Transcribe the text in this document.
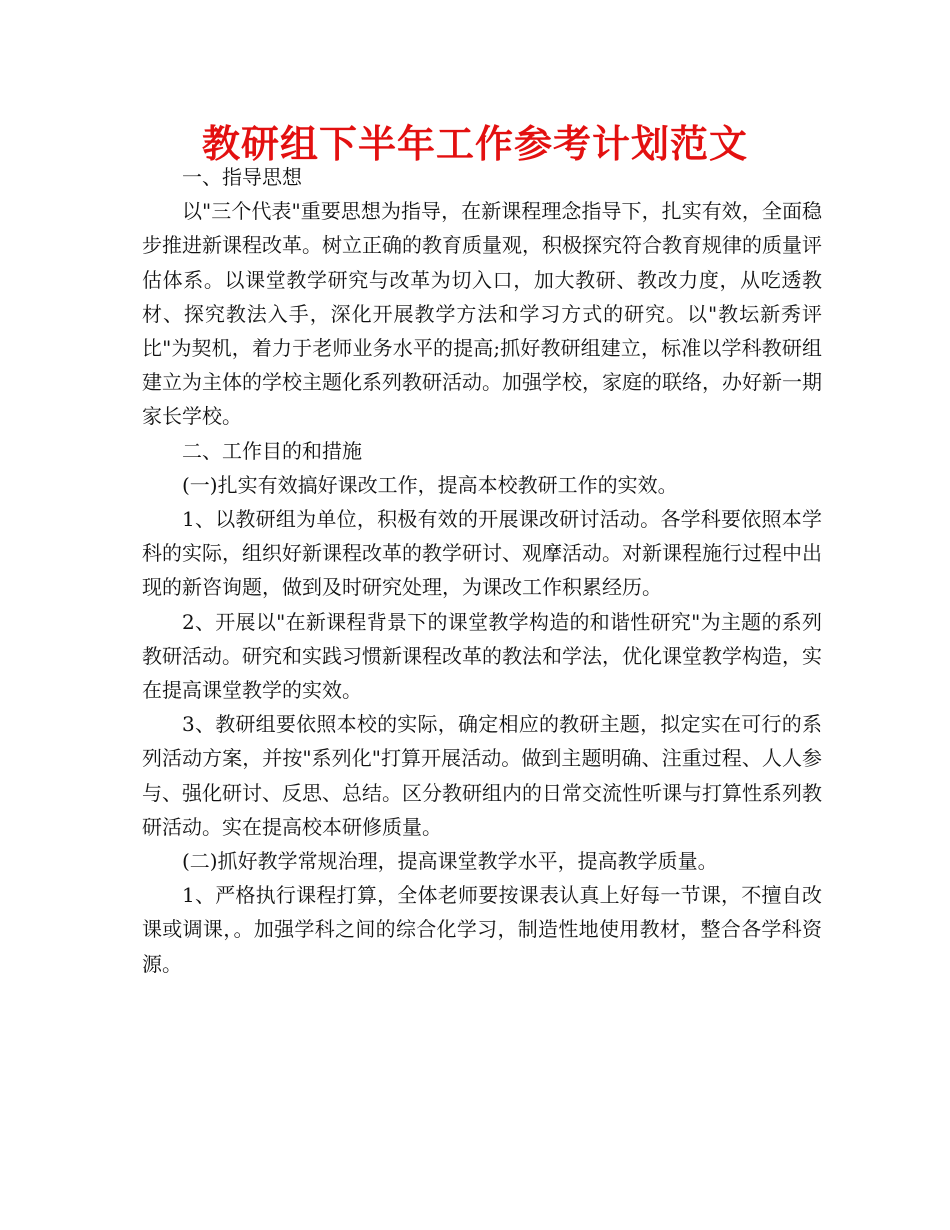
教研组下半年工作参考计划范文

一、指导思想

以"三个代表"重要思想为指导，在新课程理念指导下，扎实有效，全面稳步推进新课程改革。树立正确的教育质量观，积极探究符合教育规律的质量评估体系。以课堂教学研究与改革为切入口，加大教研、教改力度，从吃透教材、探究教法入手，深化开展教学方法和学习方式的研究。以"教坛新秀评比"为契机，着力于老师业务水平的提高;抓好教研组建立，标准以学科教研组建立为主体的学校主题化系列教研活动。加强学校，家庭的联络，办好新一期家长学校。

二、工作目的和措施

(一)扎实有效搞好课改工作，提高本校教研工作的实效。

1、以教研组为单位，积极有效的开展课改研讨活动。各学科要依照本学科的实际，组织好新课程改革的教学研讨、观摩活动。对新课程施行过程中出现的新咨询题，做到及时研究处理，为课改工作积累经历。

2、开展以"在新课程背景下的课堂教学构造的和谐性研究"为主题的系列教研活动。研究和实践习惯新课程改革的教法和学法，优化课堂教学构造，实在提高课堂教学的实效。

3、教研组要依照本校的实际，确定相应的教研主题，拟定实在可行的系列活动方案，并按"系列化"打算开展活动。做到主题明确、注重过程、人人参与、强化研讨、反思、总结。区分教研组内的日常交流性听课与打算性系列教研活动。实在提高校本研修质量。

(二)抓好教学常规治理，提高课堂教学水平，提高教学质量。

1、严格执行课程打算，全体老师要按课表认真上好每一节课，不擅自改课或调课，。加强学科之间的综合化学习，制造性地使用教材，整合各学科资源。
